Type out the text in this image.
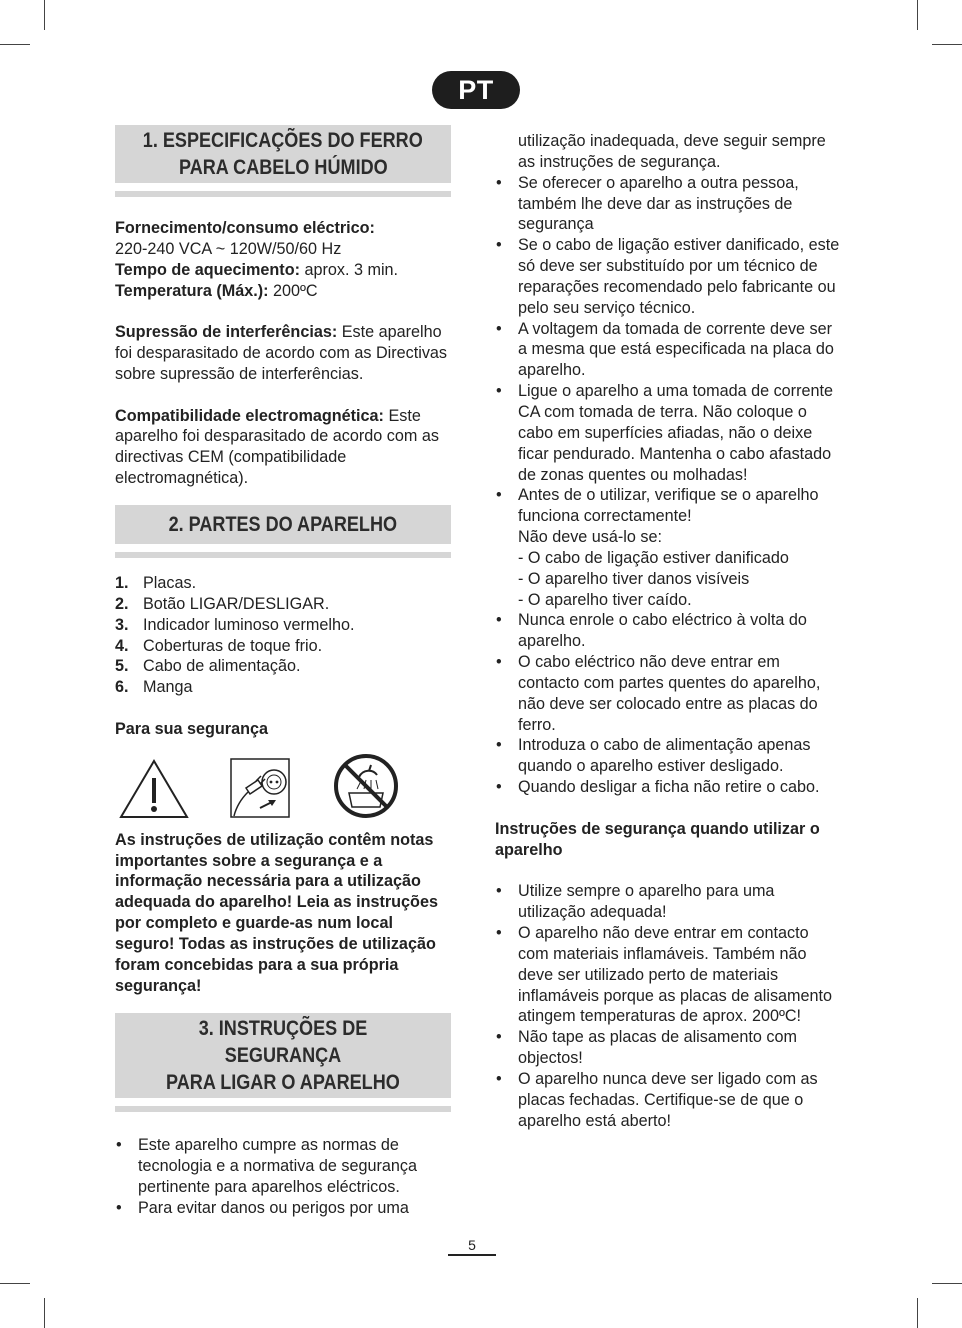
PT
1. ESPECIFICAÇÕES DO FERRO
PARA CABELO HÚMIDO

Fornecimento/consumo eléctrico:
220-240 VCA ~ 120W/50/60 Hz
Tempo de aquecimento: aprox. 3 min.
Temperatura (Máx.): 200ºC

Supressão de interferências: Este aparelho foi desparasitado de acordo com as Directivas sobre supressão de interferências.

Compatibilidade electromagnética: Este aparelho foi desparasitado de acordo com as directivas CEM (compatibilidade electromagnética).

2. PARTES DO APARELHO
1. Placas.
2. Botão LIGAR/DESLIGAR.
3. Indicador luminoso vermelho.
4. Coberturas de toque frio.
5. Cabo de alimentação.
6. Manga

Para sua segurança

As instruções de utilização contêm notas importantes sobre a segurança e a informação necessária para a utilização adequada do aparelho! Leia as instruções por completo e guarde-as num local seguro! Todas as instruções de utilização foram concebidas para a sua própria segurança!

3. INSTRUÇÕES DE SEGURANÇA
PARA LIGAR O APARELHO
• Este aparelho cumpre as normas de tecnologia e a normativa de segurança pertinente para aparelhos eléctricos.
• Para evitar danos ou perigos por uma

utilização inadequada, deve seguir sempre as instruções de segurança.

• Se oferecer o aparelho a outra pessoa, também lhe deve dar as instruções de segurança
• Se o cabo de ligação estiver danificado, este só deve ser substituído por um técnico de reparações recomendado pelo fabricante ou pelo seu serviço técnico.
• A voltagem da tomada de corrente deve ser a mesma que está especificada na placa do aparelho.
• Ligue o aparelho a uma tomada de corrente CA com tomada de terra. Não coloque o cabo em superfícies afiadas, não o deixe ficar pendurado. Mantenha o cabo afastado de zonas quentes ou molhadas!
• Antes de o utilizar, verifique se o aparelho funciona correctamente!
Não deve usá-lo se:
- O cabo de ligação estiver danificado
- O aparelho tiver danos visíveis
- O aparelho tiver caído.
• Nunca enrole o cabo eléctrico à volta do aparelho.
• O cabo eléctrico não deve entrar em contacto com partes quentes do aparelho, não deve ser colocado entre as placas do ferro.
• Introduza o cabo de alimentação apenas quando o aparelho estiver desligado.
• Quando desligar a ficha não retire o cabo.

Instruções de segurança quando utilizar o aparelho

• Utilize sempre o aparelho para uma utilização adequada!
• O aparelho não deve entrar em contacto com materiais inflamáveis. Também não deve ser utilizado perto de materiais inflamáveis porque as placas de alisamento atingem temperaturas de aprox. 200ºC!
• Não tape as placas de alisamento com objectos!
• O aparelho nunca deve ser ligado com as placas fechadas. Certifique-se de que o aparelho está aberto!
5
